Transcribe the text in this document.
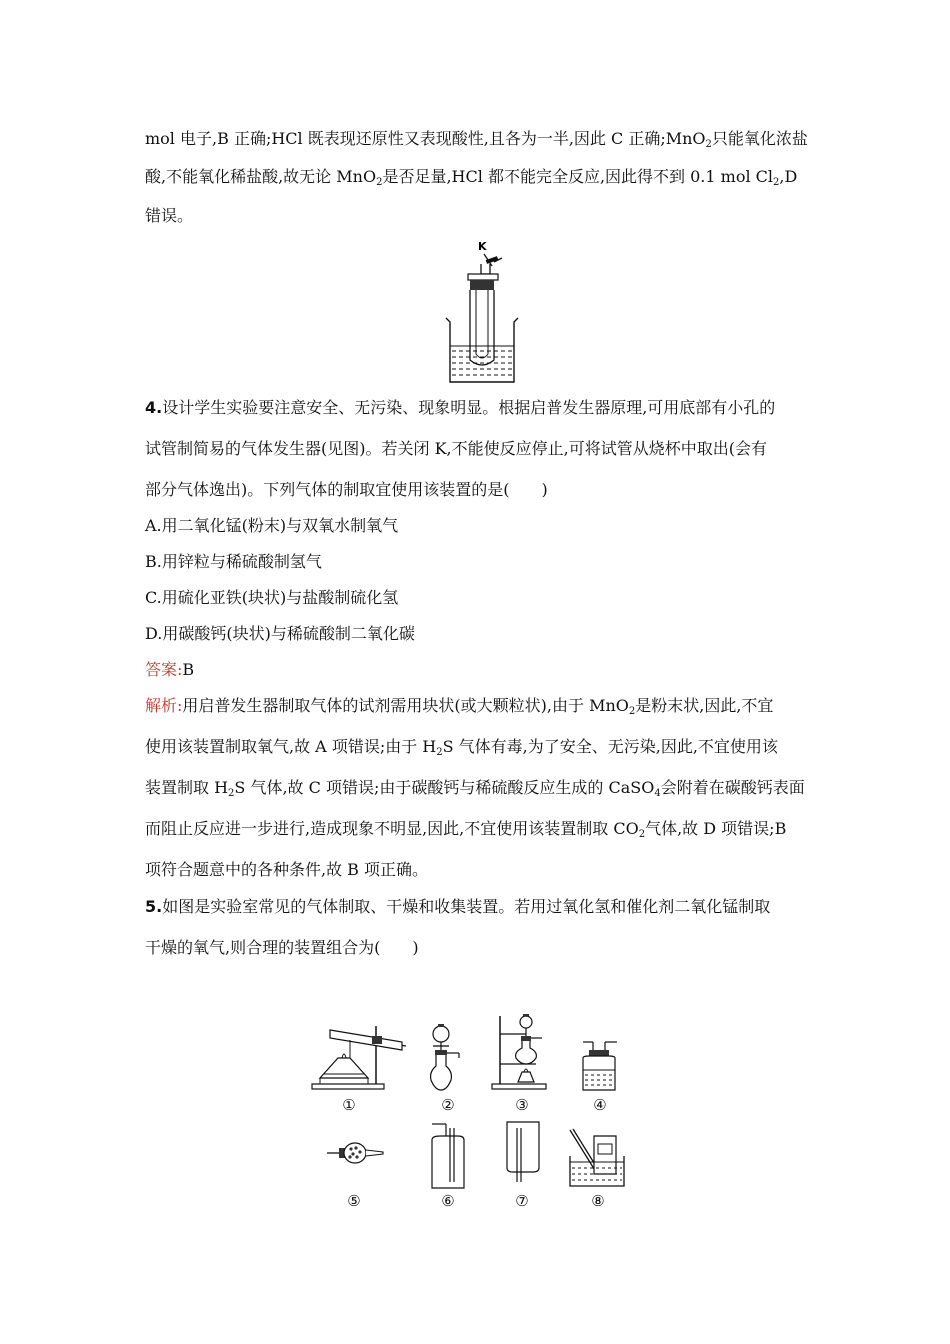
mol 电子,B 正确;HCl 既表现还原性又表现酸性,且各为一半,因此 C 正确;MnO$_2$只能氧化浓盐
酸,不能氧化稀盐酸,故无论 MnO$_2$是否足量,HCl 都不能完全反应,因此得不到 0.1 mol $Cl_2,D$
错误。
K
4.设计学生实验要注意安全、无污染、现象明显。根据启普发生器原理,可用底部有小孔的
试管制简易的气体发生器(见图)。若关闭 K,不能使反应停止,可将试管从烧杯中取出(会有
部分气体逸出)。下列气体的制取宜使用该装置的是(　　)
A.用二氧化锰(粉末)与双氧水制氧气
B.用锌粒与稀硫酸制氢气
C.用硫化亚铁(块状)与盐酸制硫化氢
D.用碳酸钙(块状)与稀硫酸制二氧化碳
答案:B
解析:用启普发生器制取气体的试剂需用块状(或大颗粒状),由于 MnO$_2$是粉末状,因此,不宜
使用该装置制取氧气,故 A 项错误;由于 $H_2S$ 气体有毒,为了安全、无污染,因此,不宜使用该
装置制取 $H_2S$ 气体,故 C 项错误;由于碳酸钙与稀硫酸反应生成的 CaSO$_4$会附着在碳酸钙表面
而阻止反应进一步进行,造成现象不明显,因此,不宜使用该装置制取 $CO_2$气体,故 D 项错误;B
项符合题意中的各种条件,故 B 项正确。
5.如图是实验室常见的气体制取、干燥和收集装置。若用过氧化氢和催化剂二氧化锰制取
干燥的氧气,则合理的装置组合为(　　)
①	②	③	④
⑤	⑥	⑦	⑧
